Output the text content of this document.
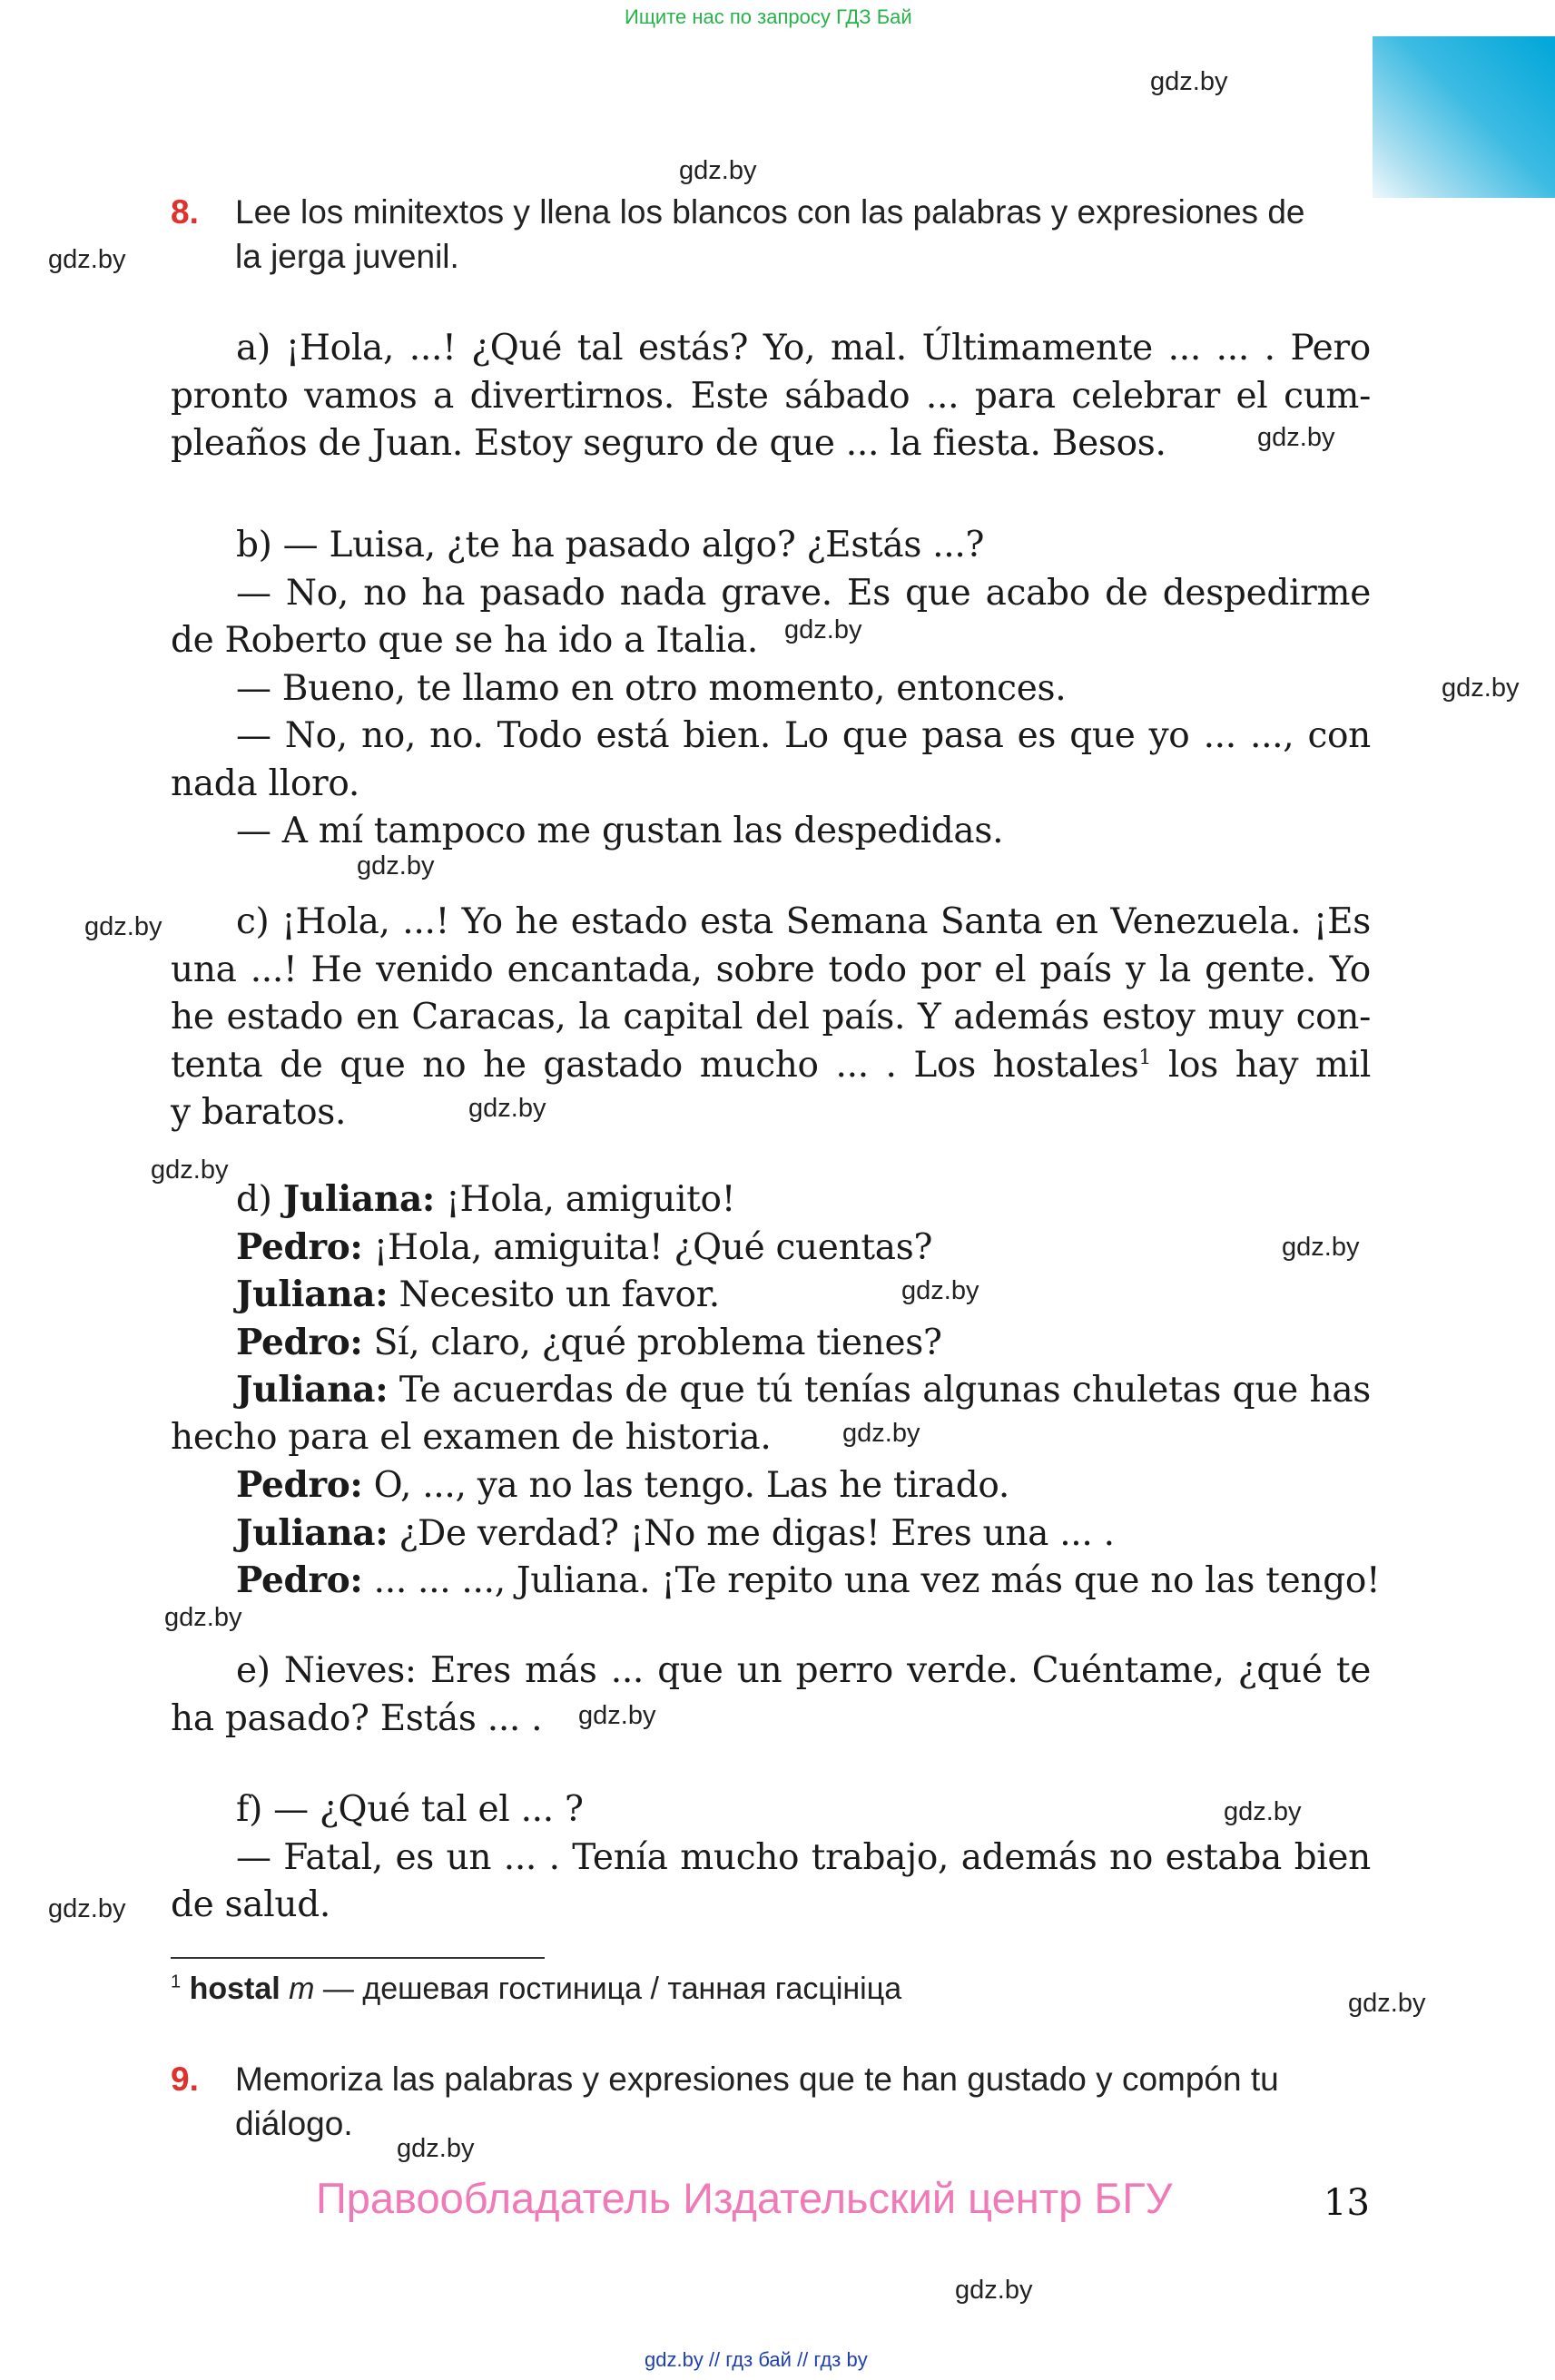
Ищите нас по запросу ГДЗ Бай
gdz.by
gdz.by
gdz.by
gdz.by
gdz.by
gdz.by
gdz.by
gdz.by
gdz.by
gdz.by
gdz.by
gdz.by
gdz.by
gdz.by
gdz.by
gdz.by
gdz.by
gdz.by
gdz.by
gdz.by
8. Lee los minitextos y llena los blancos con las palabras y expresiones de
la jerga juvenil.
a) ¡Hola, ...! ¿Qué tal estás? Yo, mal. Últimamente ... ... . Pero
pronto vamos a divertirnos. Este sábado ... para celebrar el cum-
pleaños de Juan. Estoy seguro de que ... la fiesta. Besos.
b) — Luisa, ¿te ha pasado algo? ¿Estás ...?
— No, no ha pasado nada grave. Es que acabo de despedirme
de Roberto que se ha ido a Italia.
— Bueno, te llamo en otro momento, entonces.
— No, no, no. Todo está bien. Lo que pasa es que yo ... ..., con
nada lloro.
— A mí tampoco me gustan las despedidas.
c) ¡Hola, ...! Yo he estado esta Semana Santa en Venezuela. ¡Es
una ...! He venido encantada, sobre todo por el país y la gente. Yo
he estado en Caracas, la capital del país. Y además estoy muy con-
tenta de que no he gastado mucho ... . Los hostales$^1$ los hay mil
y baratos.
d) Juliana: ¡Hola, amiguito!
Pedro: ¡Hola, amiguita! ¿Qué cuentas?
Juliana: Necesito un favor.
Pedro: Sí, claro, ¿qué problema tienes?
Juliana: Te acuerdas de que tú tenías algunas chuletas que has
hecho para el examen de historia.
Pedro: O, ..., ya no las tengo. Las he tirado.
Juliana: ¿De verdad? ¡No me digas! Eres una ... .
Pedro: ... ... ..., Juliana. ¡Te repito una vez más que no las tengo!
e) Nieves: Eres más ... que un perro verde. Cuéntame, ¿qué te
ha pasado? Estás ... .
f) — ¿Qué tal el ... ?
— Fatal, es un ... . Tenía mucho trabajo, además no estaba bien
de salud.
$^1$ hostal m — дешевая гостиница / танная гасцініца
9. Memoriza las palabras y expresiones que te han gustado y compón tu
diálogo.
Правообладатель Издательский центр БГУ	13
gdz.by // гдз бай // гдз by
